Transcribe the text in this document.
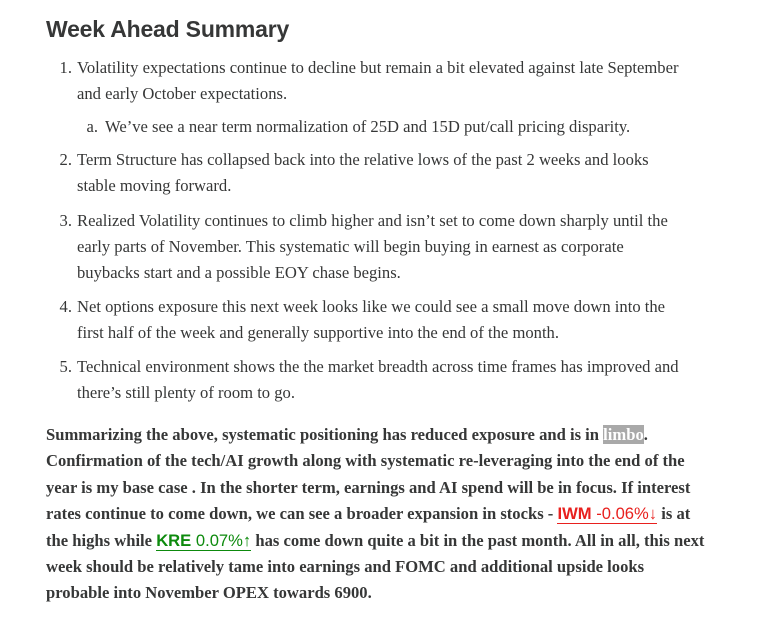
Week Ahead Summary
1. Volatility expectations continue to decline but remain a bit elevated against late September and early October expectations.
a. We’ve see a near term normalization of 25D and 15D put/call pricing disparity.
2. Term Structure has collapsed back into the relative lows of the past 2 weeks and looks stable moving forward.
3. Realized Volatility continues to climb higher and isn’t set to come down sharply until the early parts of November. This systematic will begin buying in earnest as corporate buybacks start and a possible EOY chase begins.
4. Net options exposure this next week looks like we could see a small move down into the first half of the week and generally supportive into the end of the month.
5. Technical environment shows the the market breadth across time frames has improved and there’s still plenty of room to go.

Summarizing the above, systematic positioning has reduced exposure and is in limbo. Confirmation of the tech/AI growth along with systematic re-leveraging into the end of the year is my base case . In the shorter term, earnings and AI spend will be in focus. If interest rates continue to come down, we can see a broader expansion in stocks - IWM -0.06%↓ is at the highs while KRE 0.07%↑ has come down quite a bit in the past month. All in all, this next week should be relatively tame into earnings and FOMC and additional upside looks probable into November OPEX towards 6900.
